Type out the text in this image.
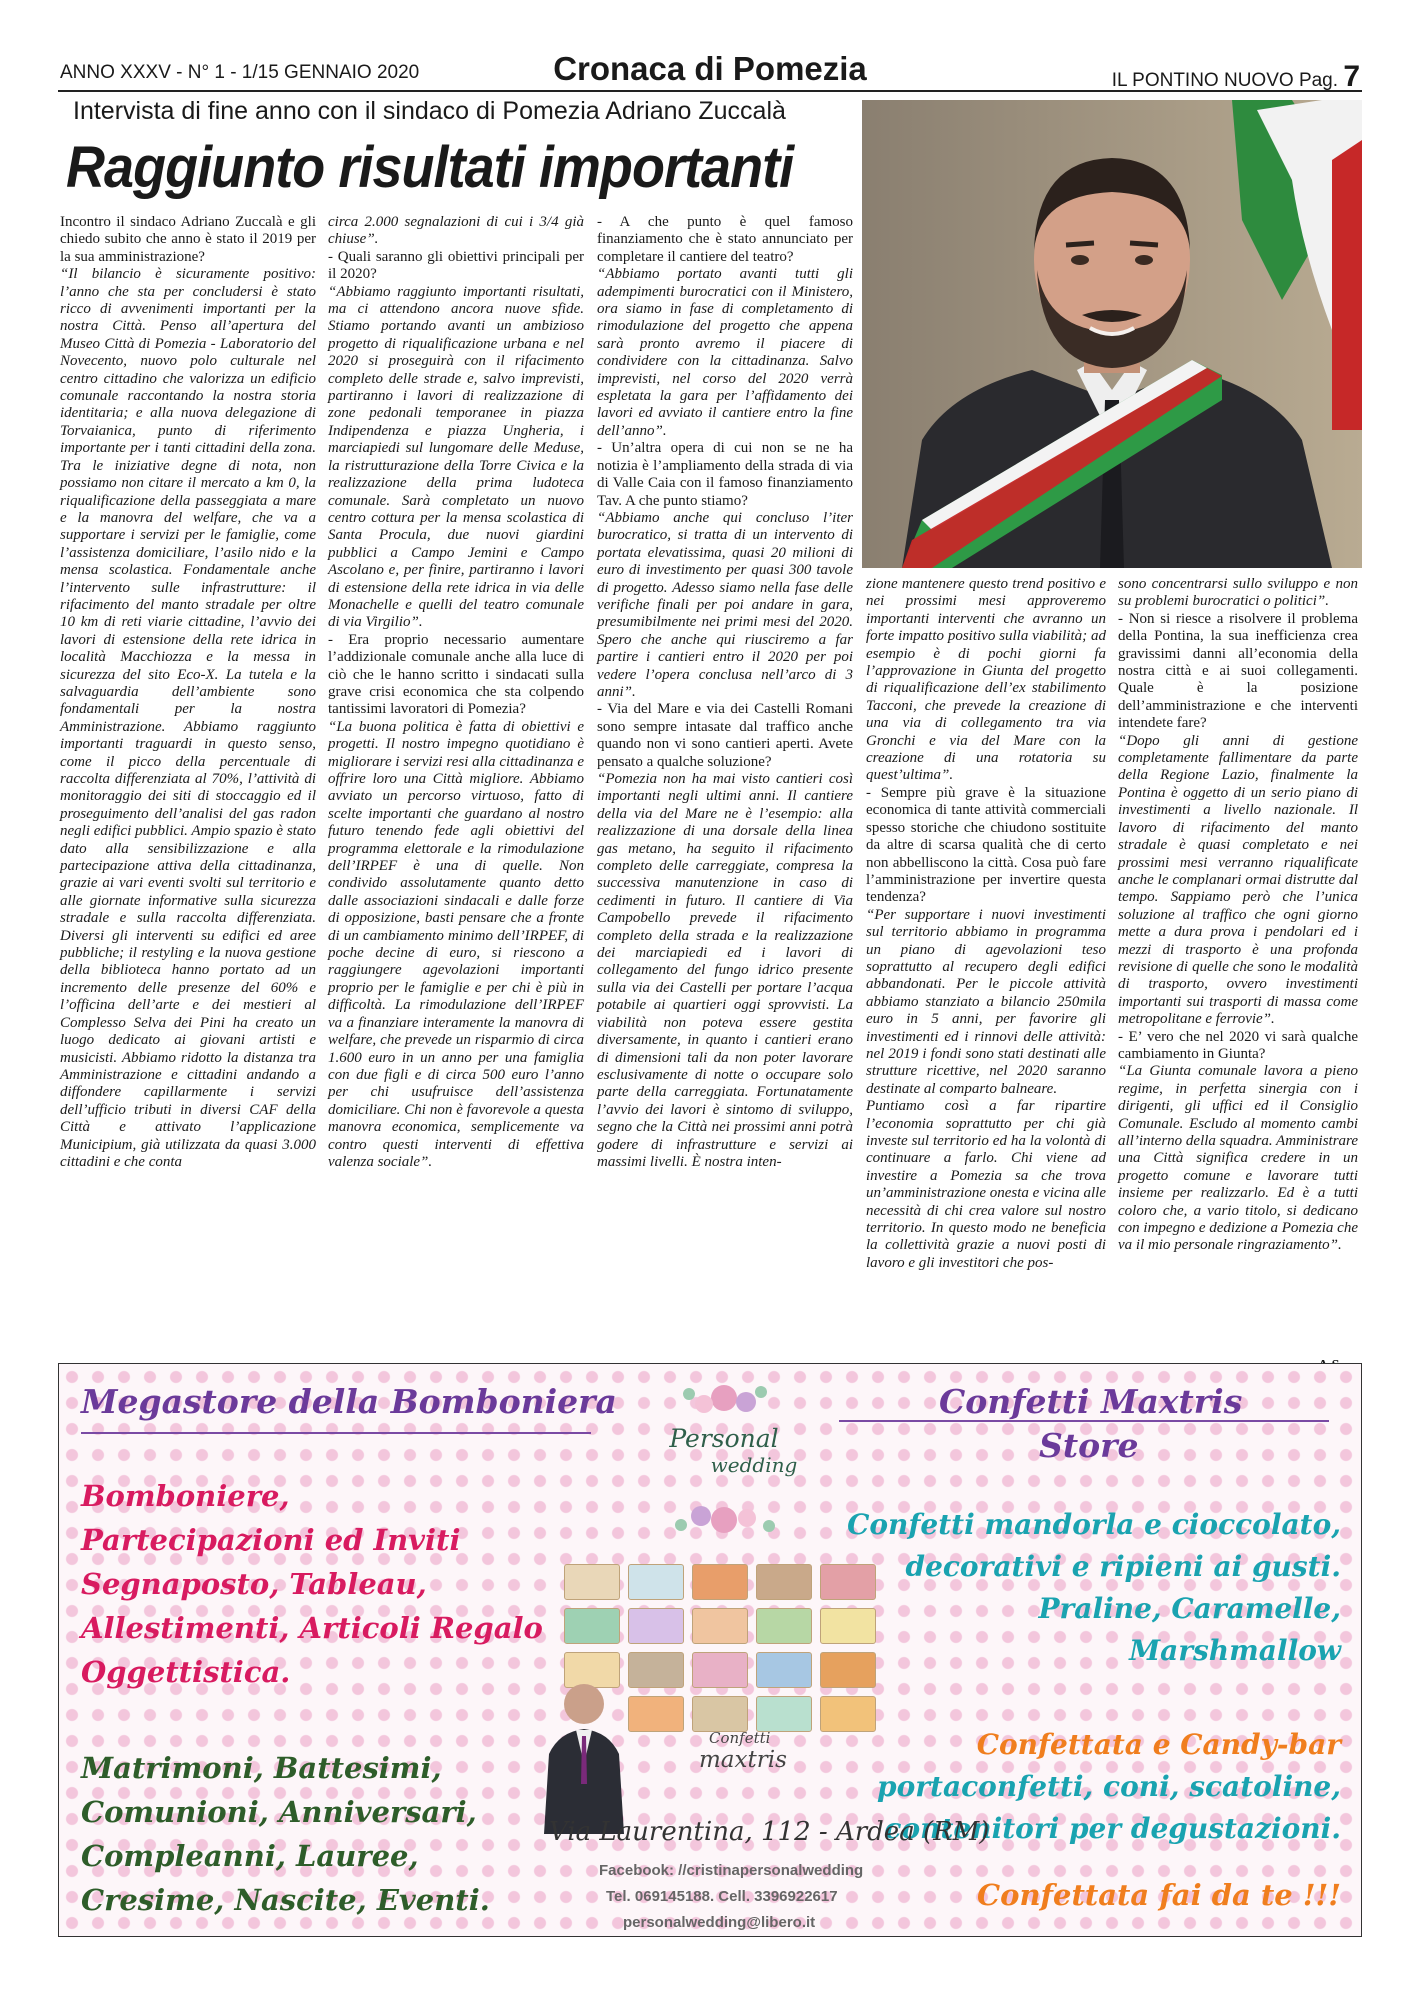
ANNO XXXV - N° 1 - 1/15 GENNAIO 2020	Cronaca di Pomezia	IL PONTINO NUOVO Pag. 7
Intervista di fine anno con il sindaco di Pomezia Adriano Zuccalà
Raggiunto risultati importanti

Incontro il sindaco Adriano Zuccalà e gli chiedo subito che anno è stato il 2019 per la sua amministrazione?

“Il bilancio è sicuramente positivo: l’anno che sta per concludersi è stato ricco di avvenimenti importanti per la nostra Città. Penso all’apertura del Museo Città di Pomezia - Laboratorio del Novecento, nuovo polo culturale nel centro cittadino che valorizza un edificio comunale raccontando la nostra storia identitaria; e alla nuova delegazione di Torvaianica, punto di riferimento importante per i tanti cittadini della zona. Tra le iniziative degne di nota, non possiamo non citare il mercato a km 0, la riqualificazione della passeggiata a mare e la manovra del welfare, che va a supportare i servizi per le famiglie, come l’assistenza domiciliare, l’asilo nido e la mensa scolastica. Fondamentale anche l’intervento sulle infrastrutture: il rifacimento del manto stradale per oltre 10 km di reti viarie cittadine, l’avvio dei lavori di estensione della rete idrica in località Macchiozza e la messa in sicurezza del sito Eco-X. La tutela e la salvaguardia dell’ambiente sono fondamentali per la nostra Amministrazione. Abbiamo raggiunto importanti traguardi in questo senso, come il picco della percentuale di raccolta differenziata al 70%, l’attività di monitoraggio dei siti di stoccaggio ed il proseguimento dell’analisi del gas radon negli edifici pubblici. Ampio spazio è stato dato alla sensibilizzazione e alla partecipazione attiva della cittadinanza, grazie ai vari eventi svolti sul territorio e alle giornate informative sulla sicurezza stradale e sulla raccolta differenziata. Diversi gli interventi su edifici ed aree pubbliche; il restyling e la nuova gestione della biblioteca hanno portato ad un incremento delle presenze del 60% e l’officina dell’arte e dei mestieri al Complesso Selva dei Pini ha creato un luogo dedicato ai giovani artisti e musicisti. Abbiamo ridotto la distanza tra Amministrazione e cittadini andando a diffondere capillarmente i servizi dell’ufficio tributi in diversi CAF della Città e attivato l’applicazione Municipium, già utilizzata da quasi 3.000 cittadini e che conta

circa 2.000 segnalazioni di cui i 3/4 già chiuse”.

- Quali saranno gli obiettivi principali per il 2020?

“Abbiamo raggiunto importanti risultati, ma ci attendono ancora nuove sfide. Stiamo portando avanti un ambizioso progetto di riqualificazione urbana e nel 2020 si proseguirà con il rifacimento completo delle strade e, salvo imprevisti, partiranno i lavori di realizzazione di zone pedonali temporanee in piazza Indipendenza e piazza Ungheria, i marciapiedi sul lungomare delle Meduse, la ristrutturazione della Torre Civica e la realizzazione della prima ludoteca comunale. Sarà completato un nuovo centro cottura per la mensa scolastica di Santa Procula, due nuovi giardini pubblici a Campo Jemini e Campo Ascolano e, per finire, partiranno i lavori di estensione della rete idrica in via delle Monachelle e quelli del teatro comunale di via Virgilio”.

- Era proprio necessario aumentare l’addizionale comunale anche alla luce di ciò che le hanno scritto i sindacati sulla grave crisi economica che sta colpendo tantissimi lavoratori di Pomezia?

“La buona politica è fatta di obiettivi e progetti. Il nostro impegno quotidiano è migliorare i servizi resi alla cittadinanza e offrire loro una Città migliore. Abbiamo avviato un percorso virtuoso, fatto di scelte importanti che guardano al nostro futuro tenendo fede agli obiettivi del programma elettorale e la rimodulazione dell’IRPEF è una di quelle. Non condivido assolutamente quanto detto dalle associazioni sindacali e dalle forze di opposizione, basti pensare che a fronte di un cambiamento minimo dell’IRPEF, di poche decine di euro, si riescono a raggiungere agevolazioni importanti proprio per le famiglie e per chi è più in difficoltà. La rimodulazione dell’IRPEF va a finanziare interamente la manovra di welfare, che prevede un risparmio di circa 1.600 euro in un anno per una famiglia con due figli e di circa 500 euro l’anno per chi usufruisce dell’assistenza domiciliare. Chi non è favorevole a questa manovra economica, semplicemente va contro questi interventi di effettiva valenza sociale”.

- A che punto è quel famoso finanziamento che è stato annunciato per completare il cantiere del teatro?

“Abbiamo portato avanti tutti gli adempimenti burocratici con il Ministero, ora siamo in fase di completamento di rimodulazione del progetto che appena sarà pronto avremo il piacere di condividere con la cittadinanza. Salvo imprevisti, nel corso del 2020 verrà espletata la gara per l’affidamento dei lavori ed avviato il cantiere entro la fine dell’anno”.

- Un’altra opera di cui non se ne ha notizia è l’ampliamento della strada di via di Valle Caia con il famoso finanziamento Tav. A che punto stiamo?

“Abbiamo anche qui concluso l’iter burocratico, si tratta di un intervento di portata elevatissima, quasi 20 milioni di euro di investimento per quasi 300 tavole di progetto. Adesso siamo nella fase delle verifiche finali per poi andare in gara, presumibilmente nei primi mesi del 2020. Spero che anche qui riusciremo a far partire i cantieri entro il 2020 per poi vedere l’opera conclusa nell’arco di 3 anni”.

- Via del Mare e via dei Castelli Romani sono sempre intasate dal traffico anche quando non vi sono cantieri aperti. Avete pensato a qualche soluzione?

“Pomezia non ha mai visto cantieri così importanti negli ultimi anni. Il cantiere della via del Mare ne è l’esempio: alla realizzazione di una dorsale della linea gas metano, ha seguito il rifacimento completo delle carreggiate, compresa la successiva manutenzione in caso di cedimenti in futuro. Il cantiere di Via Campobello prevede il rifacimento completo della strada e la realizzazione dei marciapiedi ed i lavori di collegamento del fungo idrico presente sulla via dei Castelli per portare l’acqua potabile ai quartieri oggi sprovvisti. La viabilità non poteva essere gestita diversamente, in quanto i cantieri erano di dimensioni tali da non poter lavorare esclusivamente di notte o occupare solo parte della carreggiata. Fortunatamente l’avvio dei lavori è sintomo di sviluppo, segno che la Città nei prossimi anni potrà godere di infrastrutture e servizi ai massimi livelli. È nostra inten-

zione mantenere questo trend positivo e nei prossimi mesi approveremo importanti interventi che avranno un forte impatto positivo sulla viabilità; ad esempio è di pochi giorni fa l’approvazione in Giunta del progetto di riqualificazione dell’ex stabilimento Tacconi, che prevede la creazione di una via di collegamento tra via Gronchi e via del Mare con la creazione di una rotatoria su quest’ultima”.

- Sempre più grave è la situazione economica di tante attività commerciali spesso storiche che chiudono sostituite da altre di scarsa qualità che di certo non abbelliscono la città. Cosa può fare l’amministrazione per invertire questa tendenza?

“Per supportare i nuovi investimenti sul territorio abbiamo in programma un piano di agevolazioni teso soprattutto al recupero degli edifici abbandonati. Per le piccole attività abbiamo stanziato a bilancio 250mila euro in 5 anni, per favorire gli investimenti ed i rinnovi delle attività: nel 2019 i fondi sono stati destinati alle strutture ricettive, nel 2020 saranno destinate al comparto balneare.

Puntiamo così a far ripartire l’economia soprattutto per chi già investe sul territorio ed ha la volontà di continuare a farlo. Chi viene ad investire a Pomezia sa che trova un’amministrazione onesta e vicina alle necessità di chi crea valore sul nostro territorio. In questo modo ne beneficia la collettività grazie a nuovi posti di lavoro e gli investitori che pos-

sono concentrarsi sullo sviluppo e non su problemi burocratici o politici”.

- Non si riesce a risolvere il problema della Pontina, la sua inefficienza crea gravissimi danni all’economia della nostra città e ai suoi collegamenti. Quale è la posizione dell’amministrazione e che interventi intendete fare?

“Dopo gli anni di gestione completamente fallimentare da parte della Regione Lazio, finalmente la Pontina è oggetto di un serio piano di investimenti a livello nazionale. Il lavoro di rifacimento del manto stradale è quasi completato e nei prossimi mesi verranno riqualificate anche le complanari ormai distrutte dal tempo. Sappiamo però che l’unica soluzione al traffico che ogni giorno mette a dura prova i pendolari ed i mezzi di trasporto è una profonda revisione di quelle che sono le modalità di trasporto, ovvero investimenti importanti sui trasporti di massa come metropolitane e ferrovie”.

- E’ vero che nel 2020 vi sarà qualche cambiamento in Giunta?

“La Giunta comunale lavora a pieno regime, in perfetta sinergia con i dirigenti, gli uffici ed il Consiglio Comunale. Escludo al momento cambi all’interno della squadra. Amministrare una Città significa credere in un progetto comune e lavorare tutti insieme per realizzarlo. Ed è a tutti coloro che, a vario titolo, si dedicano con impegno e dedizione a Pomezia che va il mio personale ringraziamento”.

Megastore della Bomboniera	Confetti Maxtris
Store
Bomboniere,
Partecipazioni ed Inviti
Segnaposto, Tableau,
Allestimenti, Articoli Regalo
Oggettistica.
Matrimoni, Battesimi,
Comunioni, Anniversari,
Compleanni, Lauree,
Cresime, Nascite, Eventi.
Confetti mandorla e cioccolato,
decorativi e ripieni ai gusti.
Praline, Caramelle,
Marshmallow
Confettata e Candy-bar
portaconfetti, coni, scatoline,
contenitori per degustazioni.
Confettata fai da te !!!
Personal
wedding
Confetti
maxtris
Via Laurentina, 112 - Ardea (RM)
Facebook: //cristinapersonalwedding
Tel. 069145188. Cell. 3396922617
personalwedding@libero.it
